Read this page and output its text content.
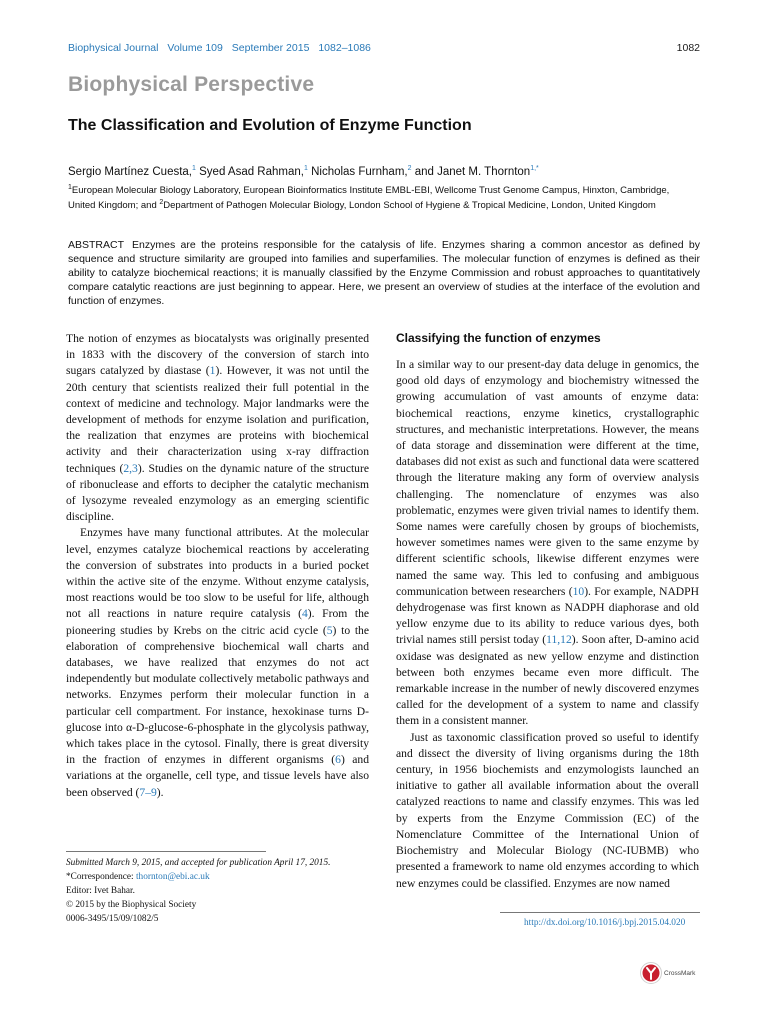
Biophysical Journal Volume 109 September 2015 1082–1086	1082
Biophysical Perspective
The Classification and Evolution of Enzyme Function
Sergio Martínez Cuesta,$^1$ Syed Asad Rahman,$^1$ Nicholas Furnham,$^2$ and Janet M. Thornton$^{1,*}$
$^1$European Molecular Biology Laboratory, European Bioinformatics Institute EMBL-EBI, Wellcome Trust Genome Campus, Hinxton, Cambridge, United Kingdom; and $^2$Department of Pathogen Molecular Biology, London School of Hygiene & Tropical Medicine, London, United Kingdom
ABSTRACT Enzymes are the proteins responsible for the catalysis of life. Enzymes sharing a common ancestor as defined by sequence and structure similarity are grouped into families and superfamilies. The molecular function of enzymes is defined as their ability to catalyze biochemical reactions; it is manually classified by the Enzyme Commission and robust approaches to quantitatively compare catalytic reactions are just beginning to appear. Here, we present an overview of studies at the interface of the evolution and function of enzymes.

The notion of enzymes as biocatalysts was originally presented in 1833 with the discovery of the conversion of starch into sugars catalyzed by diastase (1). However, it was not until the 20th century that scientists realized their full potential in the context of medicine and technology. Major landmarks were the development of methods for enzyme isolation and purification, the realization that enzymes are proteins with biochemical activity and their characterization using x-ray diffraction techniques (2,3). Studies on the dynamic nature of the structure of ribonuclease and efforts to decipher the catalytic mechanism of lysozyme revealed enzymology as an emerging scientific discipline.

Enzymes have many functional attributes. At the molecular level, enzymes catalyze biochemical reactions by accelerating the conversion of substrates into products in a buried pocket within the active site of the enzyme. Without enzyme catalysis, most reactions would be too slow to be useful for life, although not all reactions in nature require catalysis (4). From the pioneering studies by Krebs on the citric acid cycle (5) to the elaboration of comprehensive biochemical wall charts and databases, we have realized that enzymes do not act independently but modulate collectively metabolic pathways and networks. Enzymes perform their molecular function in a particular cell compartment. For instance, hexokinase turns D-glucose into α-D-glucose-6-phosphate in the glycolysis pathway, which takes place in the cytosol. Finally, there is great diversity in the fraction of enzymes in different organisms (6) and variations at the organelle, cell type, and tissue levels have also been observed (7–9).

Classifying the function of enzymes

In a similar way to our present-day data deluge in genomics, the good old days of enzymology and biochemistry witnessed the growing accumulation of vast amounts of enzyme data: biochemical reactions, enzyme kinetics, crystallographic structures, and mechanistic interpretations. However, the means of data storage and dissemination were different at the time, databases did not exist as such and functional data were scattered through the literature making any form of overview analysis challenging. The nomenclature of enzymes was also problematic, enzymes were given trivial names to identify them. Some names were carefully chosen by groups of biochemists, however sometimes names were given to the same enzyme by different scientific schools, likewise different enzymes were named the same way. This led to confusing and ambiguous communication between researchers (10). For example, NADPH dehydrogenase was first known as NADPH diaphorase and old yellow enzyme due to its ability to reduce various dyes, both trivial names still persist today (11,12). Soon after, D-amino acid oxidase was designated as new yellow enzyme and distinction between both enzymes became even more difficult. The remarkable increase in the number of newly discovered enzymes called for the development of a system to name and classify them in a consistent manner.

Just as taxonomic classification proved so useful to identify and dissect the diversity of living organisms during the 18th century, in 1956 biochemists and enzymologists launched an initiative to gather all available information about the overall catalyzed reactions to name and classify enzymes. This was led by experts from the Enzyme Commission (EC) of the Nomenclature Committee of the International Union of Biochemistry and Molecular Biology (NC-IUBMB) who presented a framework to name old enzymes according to which new enzymes could be classified. Enzymes are now named

Submitted March 9, 2015, and accepted for publication April 17, 2015.
*Correspondence: thornton@ebi.ac.uk
Editor: Ivet Bahar.
© 2015 by the Biophysical Society
0006-3495/15/09/1082/5	http://dx.doi.org/10.1016/j.bpj.2015.04.020
CrossMark
